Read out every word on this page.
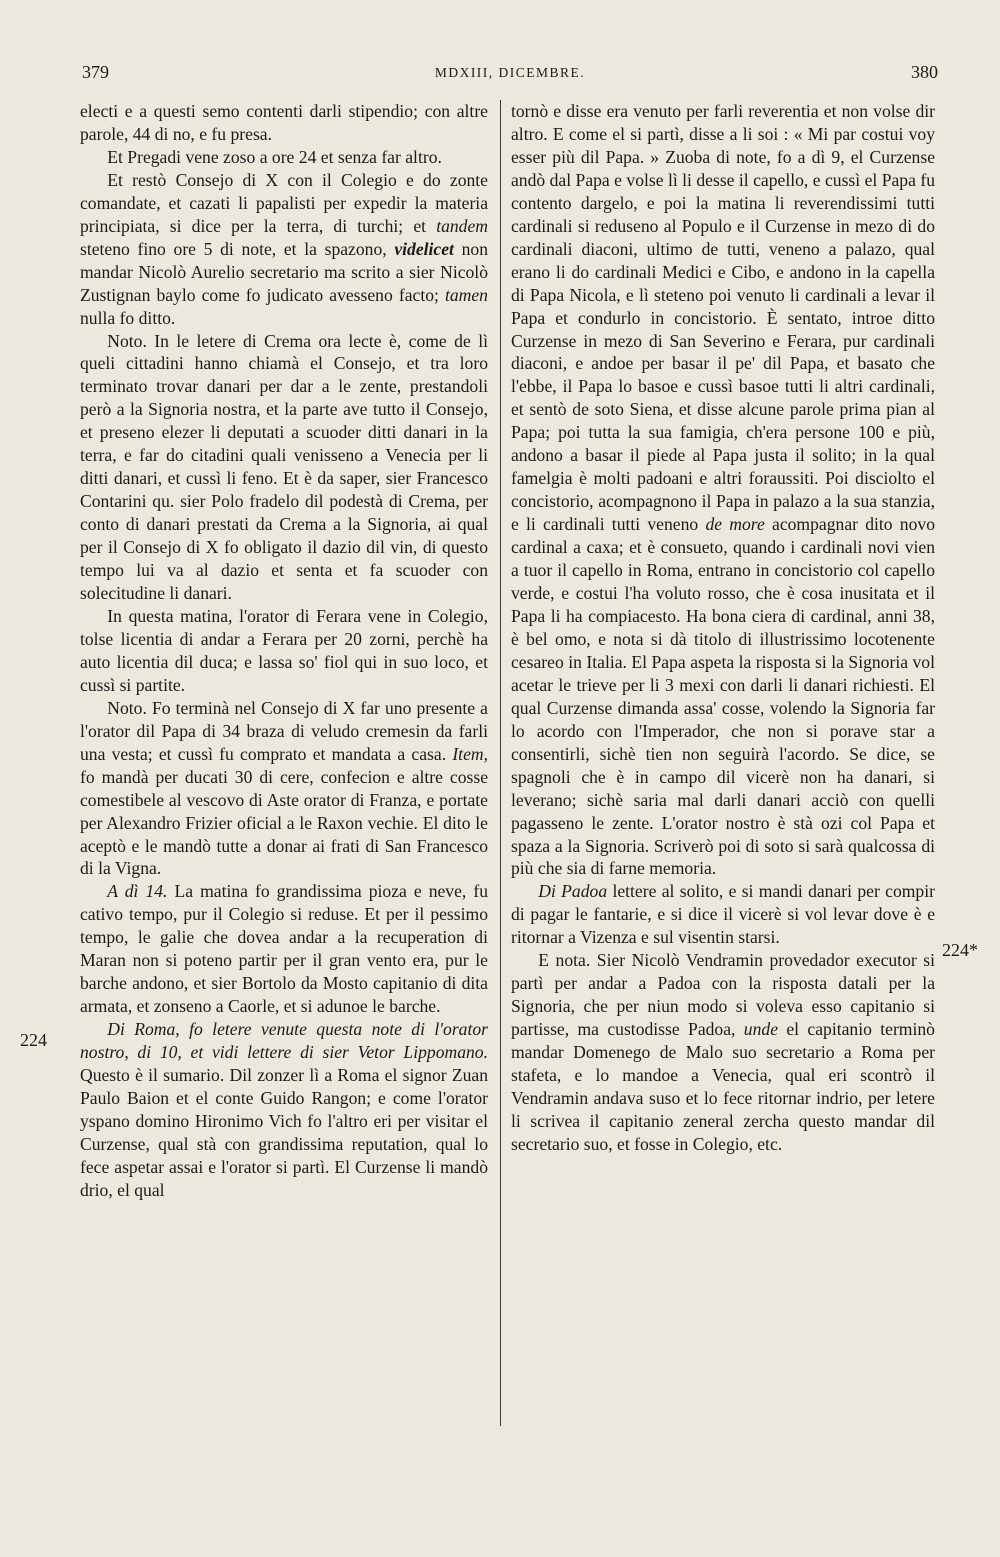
379	MDXIII, DICEMBRE.	380
224
224*

electi e a questi semo contenti darli stipendio; con altre parole, 44 di no, e fu presa.

Et Pregadi vene zoso a ore 24 et senza far altro.

Et restò Consejo di X con il Colegio e do zonte comandate, et cazati li papalisti per expedir la materia principiata, si dice per la terra, di turchi; et tandem steteno fino ore 5 di note, et la spazono, videlicet non mandar Nicolò Aurelio secretario ma scrito a sier Nicolò Zustignan baylo come fo judicato avesseno facto; tamen nulla fo ditto.

Noto. In le letere di Crema ora lecte è, come de lì queli cittadini hanno chiamà el Consejo, et tra loro terminato trovar danari per dar a le zente, prestandoli però a la Signoria nostra, et la parte ave tutto il Consejo, et preseno elezer li deputati a scuoder ditti danari in la terra, e far do citadini quali venisseno a Venecia per li ditti danari, et cussì li feno. Et è da saper, sier Francesco Contarini qu. sier Polo fradelo dil podestà di Crema, per conto di danari prestati da Crema a la Signoria, ai qual per il Consejo di X fo obligato il dazio dil vin, di questo tempo lui va al dazio et senta et fa scuoder con solecitudine li danari.

In questa matina, l'orator di Ferara vene in Colegio, tolse licentia di andar a Ferara per 20 zorni, perchè ha auto licentia dil duca; e lassa so' fiol qui in suo loco, et cussì si partite.

Noto. Fo terminà nel Consejo di X far uno presente a l'orator dil Papa di 34 braza di veludo cremesin da farli una vesta; et cussì fu comprato et mandata a casa. Item, fo mandà per ducati 30 di cere, confecion e altre cosse comestibele al vescovo di Aste orator di Franza, e portate per Alexandro Frizier oficial a le Raxon vechie. El dito le aceptò e le mandò tutte a donar ai frati di San Francesco di la Vigna.

A dì 14. La matina fo grandissima pioza e neve, fu cativo tempo, pur il Colegio si reduse. Et per il pessimo tempo, le galie che dovea andar a la recuperation di Maran non si poteno partir per il gran vento era, pur le barche andono, et sier Bortolo da Mosto capitanio di dita armata, et zonseno a Caorle, et si adunoe le barche.

Di Roma, fo letere venute questa note di l'orator nostro, di 10, et vidi lettere di sier Vetor Lippomano. Questo è il sumario. Dil zonzer lì a Roma el signor Zuan Paulo Baion et el conte Guido Rangon; e come l'orator yspano domino Hironimo Vich fo l'altro eri per visitar el Curzense, qual stà con grandissima reputation, qual lo fece aspetar assai e l'orator si partì. El Curzense li mandò drio, el qual

tornò e disse era venuto per farli reverentia et non volse dir altro. E come el si partì, disse a li soi : « Mi par costui voy esser più dil Papa. » Zuoba di note, fo a dì 9, el Curzense andò dal Papa e volse lì li desse il capello, e cussì el Papa fu contento dargelo, e poi la matina li reverendissimi tutti cardinali si reduseno al Populo e il Curzense in mezo di do cardinali diaconi, ultimo de tutti, veneno a palazo, qual erano li do cardinali Medici e Cibo, e andono in la capella di Papa Nicola, e lì steteno poi venuto li cardinali a levar il Papa et condurlo in concistorio. È sentato, introe ditto Curzense in mezo di San Severino e Ferara, pur cardinali diaconi, e andoe per basar il pe' dil Papa, et basato che l'ebbe, il Papa lo basoe e cussì basoe tutti li altri cardinali, et sentò de soto Siena, et disse alcune parole prima pian al Papa; poi tutta la sua famigia, ch'era persone 100 e più, andono a basar il piede al Papa justa il solito; in la qual famelgia è molti padoani e altri foraussiti. Poi disciolto el concistorio, acompagnono il Papa in palazo a la sua stanzia, e li cardinali tutti veneno de more acompagnar dito novo cardinal a caxa; et è consueto, quando i cardinali novi vien a tuor il capello in Roma, entrano in concistorio col capello verde, e costui l'ha voluto rosso, che è cosa inusitata et il Papa li ha compiacesto. Ha bona ciera di cardinal, anni 38, è bel omo, e nota si dà titolo di illustrissimo locotenente cesareo in Italia. El Papa aspeta la risposta si la Signoria vol acetar le trieve per li 3 mexi con darli li danari richiesti. El qual Curzense dimanda assa' cosse, volendo la Signoria far lo acordo con l'Imperador, che non si porave star a consentirli, sichè tien non seguirà l'acordo. Se dice, se spagnoli che è in campo dil vicerè non ha danari, si leverano; sichè saria mal darli danari acciò con quelli pagasseno le zente. L'orator nostro è stà ozi col Papa et spaza a la Signoria. Scriverò poi di soto si sarà qualcossa di più che sia di farne memoria.

Di Padoa lettere al solito, e si mandi danari per compir di pagar le fantarie, e si dice il vicerè si vol levar dove è e ritornar a Vizenza e sul visentin starsi.

E nota. Sier Nicolò Vendramin provedador executor si partì per andar a Padoa con la risposta datali per la Signoria, che per niun modo si voleva esso capitanio si partisse, ma custodisse Padoa, unde el capitanio terminò mandar Domenego de Malo suo secretario a Roma per stafeta, e lo mandoe a Venecia, qual eri scontrò il Vendramin andava suso et lo fece ritornar indrio, per letere li scrivea il capitanio zeneral zercha questo mandar dil secretario suo, et fosse in Colegio, etc.
